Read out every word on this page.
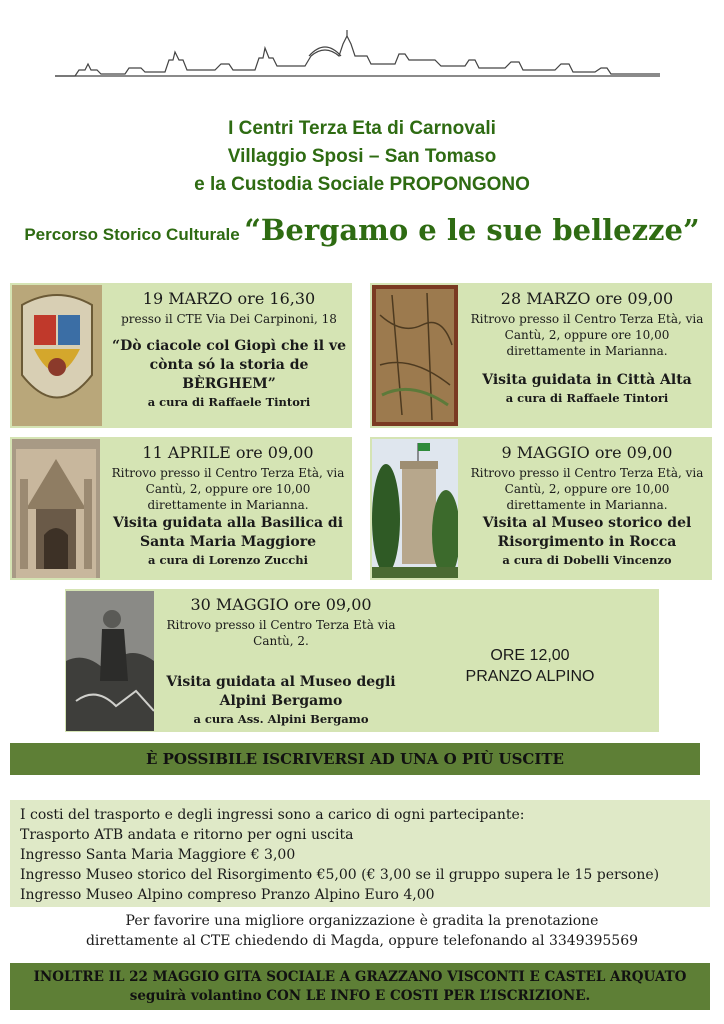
I Centri Terza Eta di Carnovali
Villaggio Sposi – San Tomaso
e la Custodia Sociale PROPONGONO
Percorso Storico Culturale “Bergamo e le sue bellezze”
19 MARZO ore 16,30
presso il CTE Via Dei Carpinoni, 18
“Dò ciacole col Giopì che il ve
cònta só la storia de
BÈRGHEM”
a cura di Raffaele Tintori
28 MARZO ore 09,00
Ritrovo presso il Centro Terza Età, via
Cantù, 2, oppure ore 10,00
direttamente in Marianna.
Visita guidata in Città Alta
a cura di Raffaele Tintori
11 APRILE ore 09,00
Ritrovo presso il Centro Terza Età, via
Cantù, 2, oppure ore 10,00
direttamente in Marianna.
Visita guidata alla Basilica di
Santa Maria Maggiore
a cura di Lorenzo Zucchi
9 MAGGIO ore 09,00
Ritrovo presso il Centro Terza Età, via
Cantù, 2, oppure ore 10,00
direttamente in Marianna.
Visita al Museo storico del
Risorgimento in Rocca
a cura di Dobelli Vincenzo
30 MAGGIO ore 09,00
Ritrovo presso il Centro Terza Età via
Cantù, 2.
Visita guidata al Museo degli
Alpini Bergamo
a cura Ass. Alpini Bergamo
ORE 12,00
PRANZO ALPINO
È POSSIBILE ISCRIVERSI AD UNA O PIÙ USCITE
I costi del trasporto e degli ingressi sono a carico di ogni partecipante:
Trasporto ATB andata e ritorno per ogni uscita
Ingresso Santa Maria Maggiore € 3,00
Ingresso Museo storico del Risorgimento €5,00 (€ 3,00 se il gruppo supera le 15 persone)
Ingresso Museo Alpino compreso Pranzo Alpino Euro 4,00
Per favorire una migliore organizzazione è gradita la prenotazione
direttamente al CTE chiedendo di Magda, oppure telefonando al 3349395569
INOLTRE IL 22 MAGGIO GITA SOCIALE A GRAZZANO VISCONTI E CASTEL ARQUATO
seguirà volantino CON LE INFO E COSTI PER L’ISCRIZIONE.
